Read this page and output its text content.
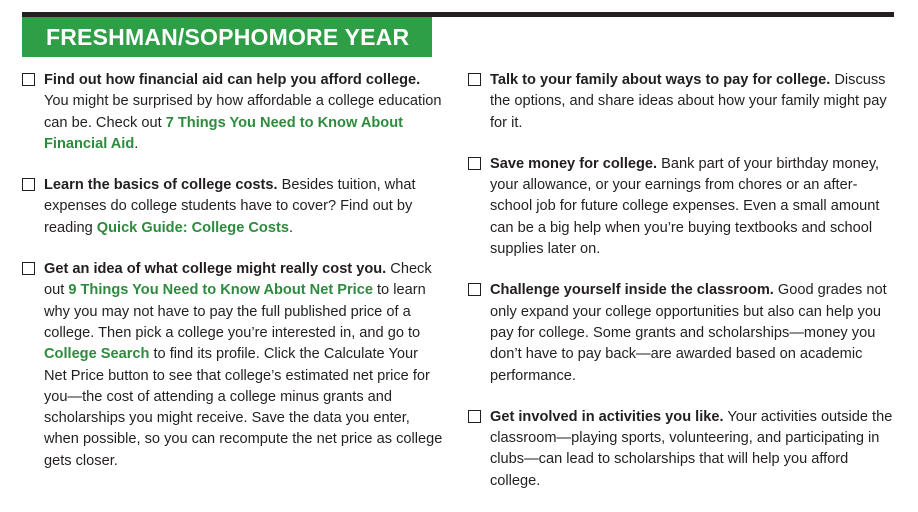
FRESHMAN/SOPHOMORE YEAR
Find out how financial aid can help you afford college. You might be surprised by how affordable a college education can be. Check out 7 Things You Need to Know About Financial Aid.
Learn the basics of college costs. Besides tuition, what expenses do college students have to cover? Find out by reading Quick Guide: College Costs.
Get an idea of what college might really cost you. Check out 9 Things You Need to Know About Net Price to learn why you may not have to pay the full published price of a college. Then pick a college you’re interested in, and go to College Search to find its profile. Click the Calculate Your Net Price button to see that college’s estimated net price for you—the cost of attending a college minus grants and scholarships you might receive. Save the data you enter, when possible, so you can recompute the net price as college gets closer.
Talk to your family about ways to pay for college. Discuss the options, and share ideas about how your family might pay for it.
Save money for college. Bank part of your birthday money, your allowance, or your earnings from chores or an after-school job for future college expenses. Even a small amount can be a big help when you’re buying textbooks and school supplies later on.
Challenge yourself inside the classroom. Good grades not only expand your college opportunities but also can help you pay for college. Some grants and scholarships—money you don’t have to pay back—are awarded based on academic performance.
Get involved in activities you like. Your activities outside the classroom—playing sports, volunteering, and participating in clubs—can lead to scholarships that will help you afford college.
